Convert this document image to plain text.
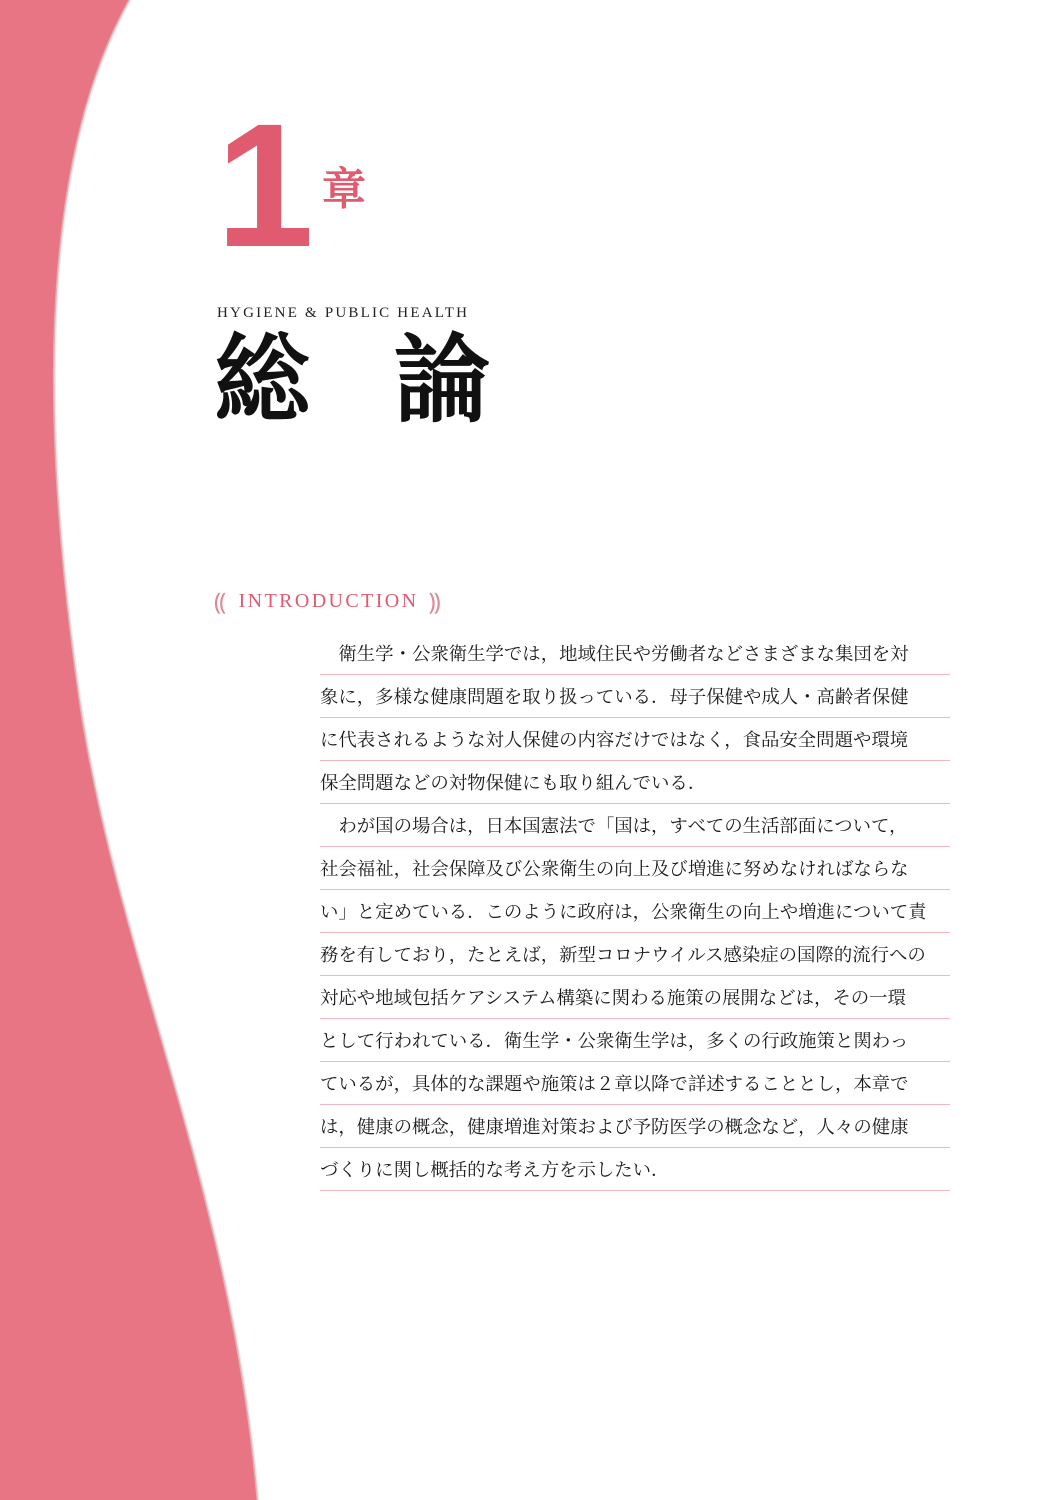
1 章
HYGIENE & PUBLIC HEALTH
総論
⸨ INTRODUCTION ⸩
　衛生学・公衆衛生学では，地域住民や労働者などさまざまな集団を対
象に，多様な健康問題を取り扱っている．母子保健や成人・高齢者保健
に代表されるような対人保健の内容だけではなく，食品安全問題や環境
保全問題などの対物保健にも取り組んでいる．
　わが国の場合は，日本国憲法で「国は，すべての生活部面について，
社会福祉，社会保障及び公衆衛生の向上及び増進に努めなければならな
い」と定めている．このように政府は，公衆衛生の向上や増進について責
務を有しており，たとえば，新型コロナウイルス感染症の国際的流行への
対応や地域包括ケアシステム構築に関わる施策の展開などは，その一環
として行われている．衛生学・公衆衛生学は，多くの行政施策と関わっ
ているが，具体的な課題や施策は２章以降で詳述することとし，本章で
は，健康の概念，健康増進対策および予防医学の概念など，人々の健康
づくりに関し概括的な考え方を示したい．
